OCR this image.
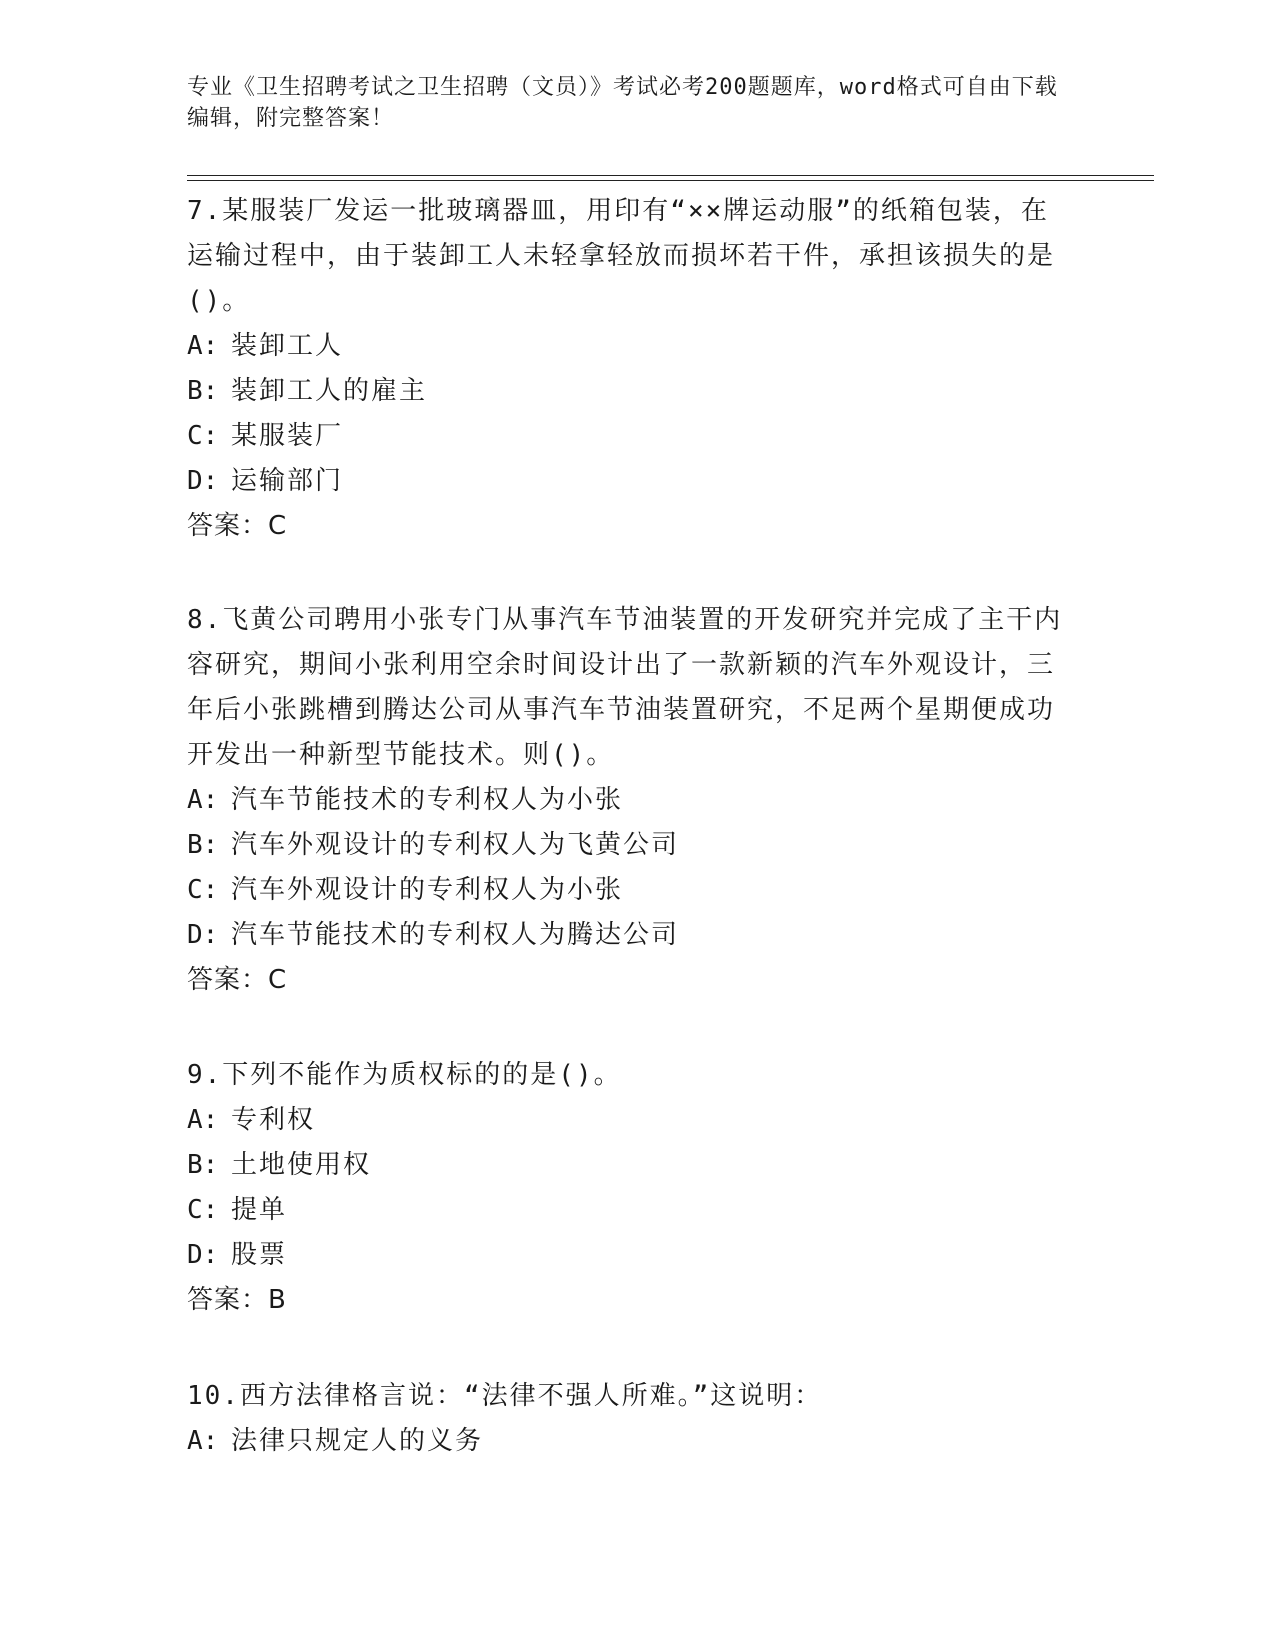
专业《卫生招聘考试之卫生招聘（文员）》考试必考200题题库，word格式可自由下载编辑，附完整答案！

7.某服装厂发运一批玻璃器皿，用印有“××牌运动服”的纸箱包装，在运输过程中，由于装卸工人未轻拿轻放而损坏若干件，承担该损失的是()。

A: 装卸工人

B: 装卸工人的雇主

C: 某服装厂

D: 运输部门

答案：C

8.飞黄公司聘用小张专门从事汽车节油装置的开发研究并完成了主干内容研究，期间小张利用空余时间设计出了一款新颖的汽车外观设计，三年后小张跳槽到腾达公司从事汽车节油装置研究，不足两个星期便成功开发出一种新型节能技术。则()。

A: 汽车节能技术的专利权人为小张

B: 汽车外观设计的专利权人为飞黄公司

C: 汽车外观设计的专利权人为小张

D: 汽车节能技术的专利权人为腾达公司

答案：C

9.下列不能作为质权标的的是()。

A: 专利权

B: 土地使用权

C: 提单

D: 股票

答案：B

10.西方法律格言说：“法律不强人所难。”这说明：

A: 法律只规定人的义务
